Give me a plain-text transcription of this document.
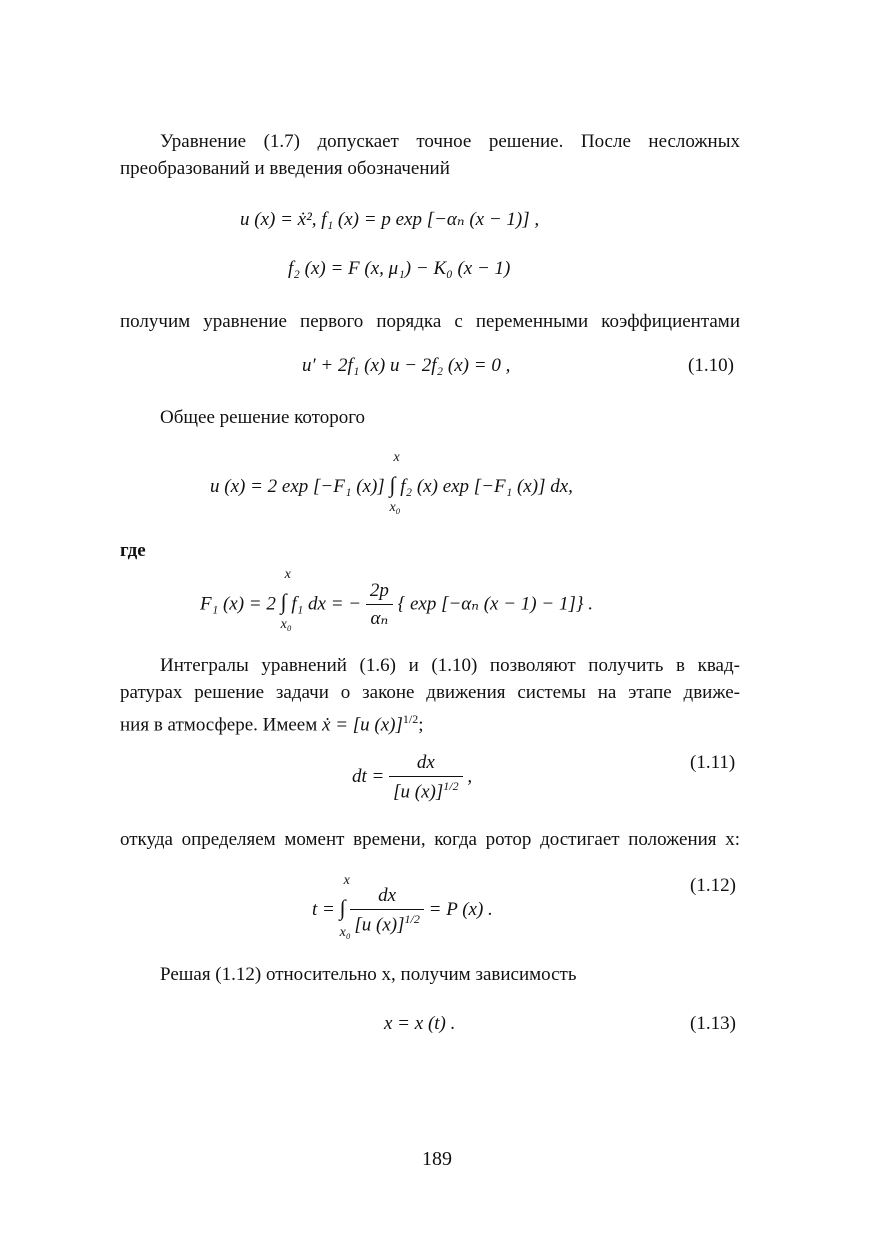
Уравнение (1.7) допускает точное решение. После несложных
преобразований и введения обозначений
u (x) = ẋ², f₁ (x) = p exp [−αₙ (x − 1)] ,
f₂ (x) = F (x, μ₁) − K₀ (x − 1)
получим уравнение первого порядка с переменными коэффициентами
u′ + 2f₁ (x) u − 2f₂ (x) = 0 ,	(1.10)
Общее решение которого
u (x) = 2 exp [−F₁ (x)] ∫
x
x₀
f₂ (x) exp [−F₁ (x)] dx,
где
F₁ (x) = 2 ∫
x
x₀
f₁ dx = − $\frac{2p}{\text{αₙ}}$ { exp [−αₙ (x − 1) − 1]} .
Интегралы уравнений (1.6) и (1.10) позволяют получить в квад-
ратурах решение задачи о законе движения системы на этапе движе-
ния в атмосфере. Имеем ẋ = [u (x)]$^{1/2}$;
dt = $\frac{dx}{[u (x)]^{1/2}}$ ,
(1.11)
откуда определяем момент времени, когда ротор достигает положения x:
t = ∫
x
x₀
$\frac{dx}{[u (x)]^{1/2}} = P$ (x) .
(1.12)
Решая (1.12) относительно x, получим зависимость
x = x (t) .	(1.13)
189
